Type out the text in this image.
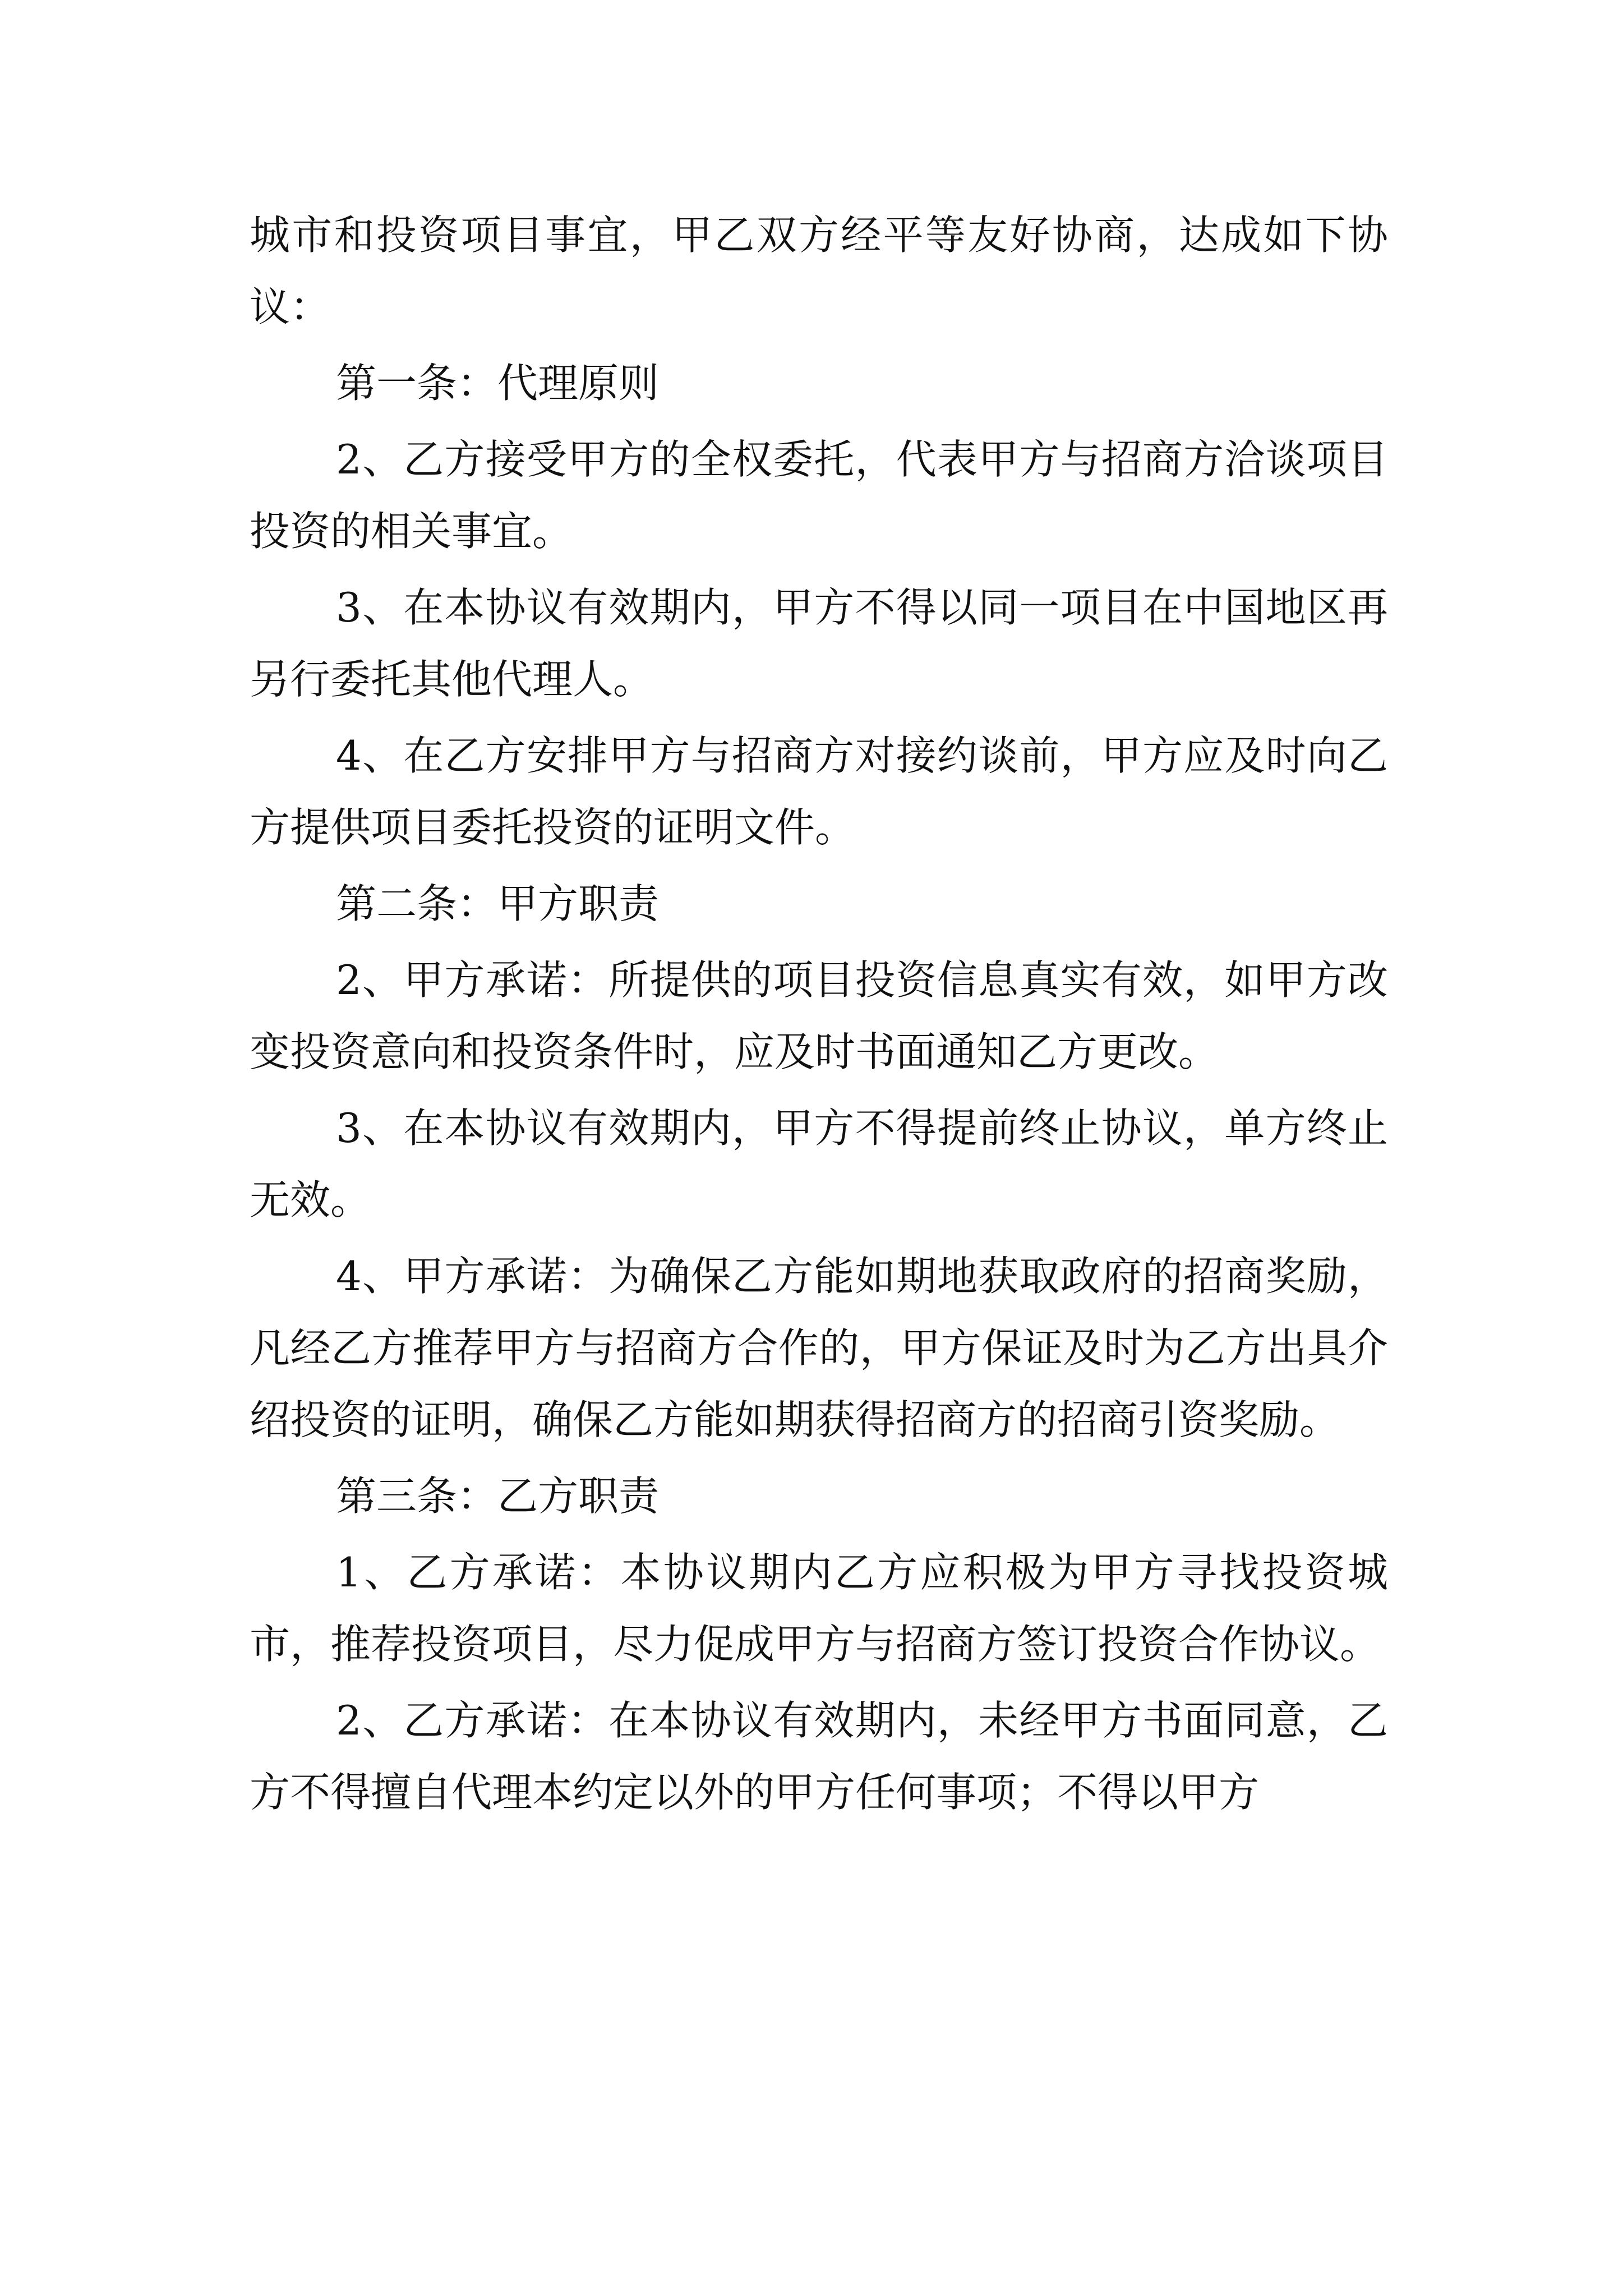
城市和投资项目事宜，甲乙双方经平等友好协商，达成如下协议：

第一条：代理原则

2、乙方接受甲方的全权委托，代表甲方与招商方洽谈项目投资的相关事宜。

3、在本协议有效期内，甲方不得以同一项目在中国地区再另行委托其他代理人。

4、在乙方安排甲方与招商方对接约谈前，甲方应及时向乙方提供项目委托投资的证明文件。

第二条：甲方职责

2、甲方承诺：所提供的项目投资信息真实有效，如甲方改变投资意向和投资条件时，应及时书面通知乙方更改。

3、在本协议有效期内，甲方不得提前终止协议，单方终止无效。

4、甲方承诺：为确保乙方能如期地获取政府的招商奖励，凡经乙方推荐甲方与招商方合作的，甲方保证及时为乙方出具介绍投资的证明，确保乙方能如期获得招商方的招商引资奖励。

第三条：乙方职责

1、乙方承诺：本协议期内乙方应积极为甲方寻找投资城市，推荐投资项目，尽力促成甲方与招商方签订投资合作协议。

2、乙方承诺：在本协议有效期内，未经甲方书面同意，乙方不得擅自代理本约定以外的甲方任何事项；不得以甲方
